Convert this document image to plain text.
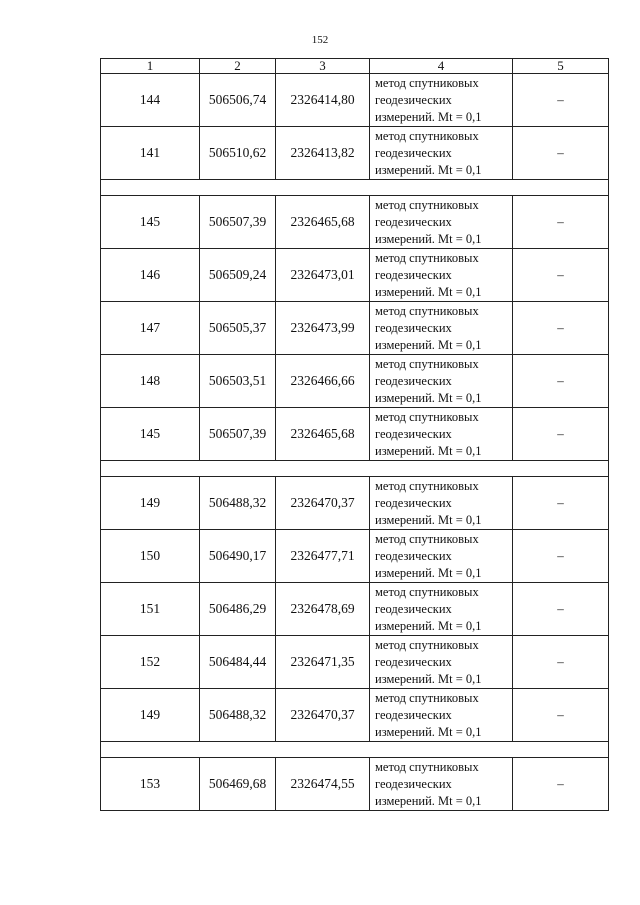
152
1	2	3	4	5
144	506506,74	2326414,80	метод спутниковых геодезических измерений. Mt = 0,1	–
141	506510,62	2326413,82	метод спутниковых геодезических измерений. Mt = 0,1	–

145	506507,39	2326465,68	метод спутниковых геодезических измерений. Mt = 0,1	–
146	506509,24	2326473,01	метод спутниковых геодезических измерений. Mt = 0,1	–
147	506505,37	2326473,99	метод спутниковых геодезических измерений. Mt = 0,1	–
148	506503,51	2326466,66	метод спутниковых геодезических измерений. Mt = 0,1	–
145	506507,39	2326465,68	метод спутниковых геодезических измерений. Mt = 0,1	–

149	506488,32	2326470,37	метод спутниковых геодезических измерений. Mt = 0,1	–
150	506490,17	2326477,71	метод спутниковых геодезических измерений. Mt = 0,1	–
151	506486,29	2326478,69	метод спутниковых геодезических измерений. Mt = 0,1	–
152	506484,44	2326471,35	метод спутниковых геодезических измерений. Mt = 0,1	–
149	506488,32	2326470,37	метод спутниковых геодезических измерений. Mt = 0,1	–

153	506469,68	2326474,55	метод спутниковых геодезических измерений. Mt = 0,1	–
